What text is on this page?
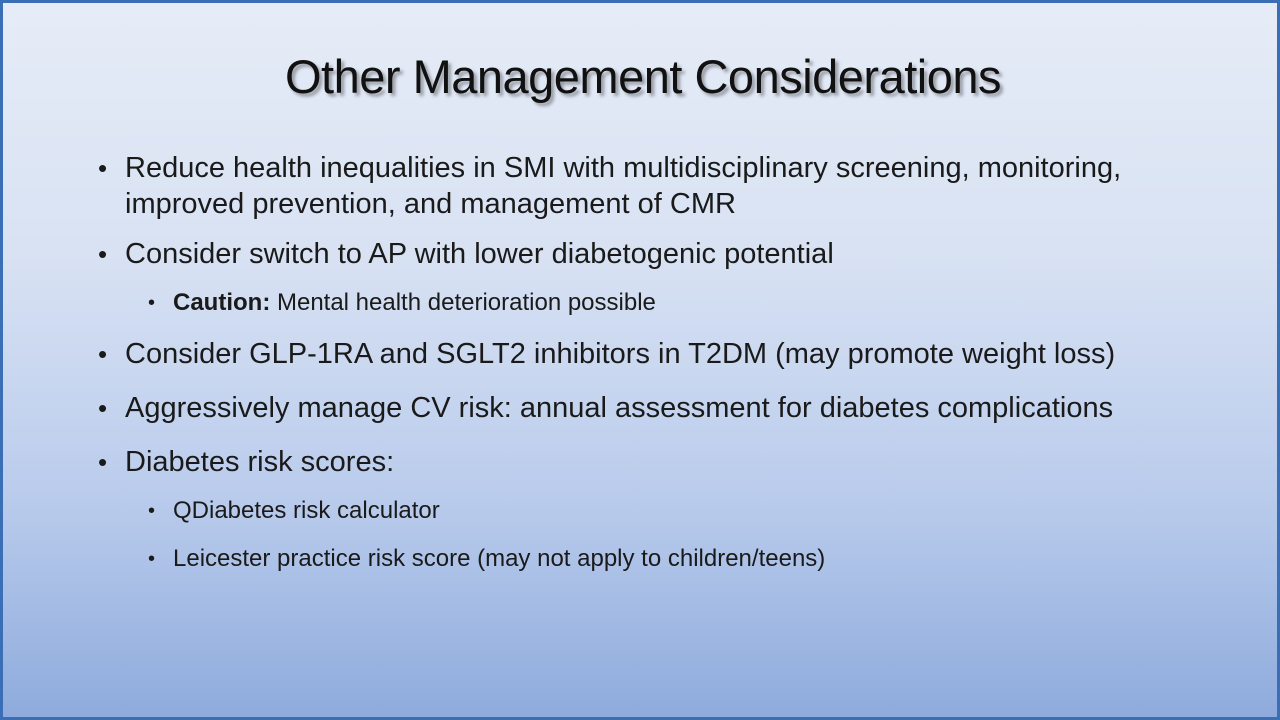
Other Management Considerations
• Reduce health inequalities in SMI with multidisciplinary screening, monitoring, improved prevention, and management of CMR
• Consider switch to AP with lower diabetogenic potential
• Caution: Mental health deterioration possible
• Consider GLP-1RA and SGLT2 inhibitors in T2DM (may promote weight loss)
• Aggressively manage CV risk: annual assessment for diabetes complications
• Diabetes risk scores:
• QDiabetes risk calculator
• Leicester practice risk score (may not apply to children/teens)
